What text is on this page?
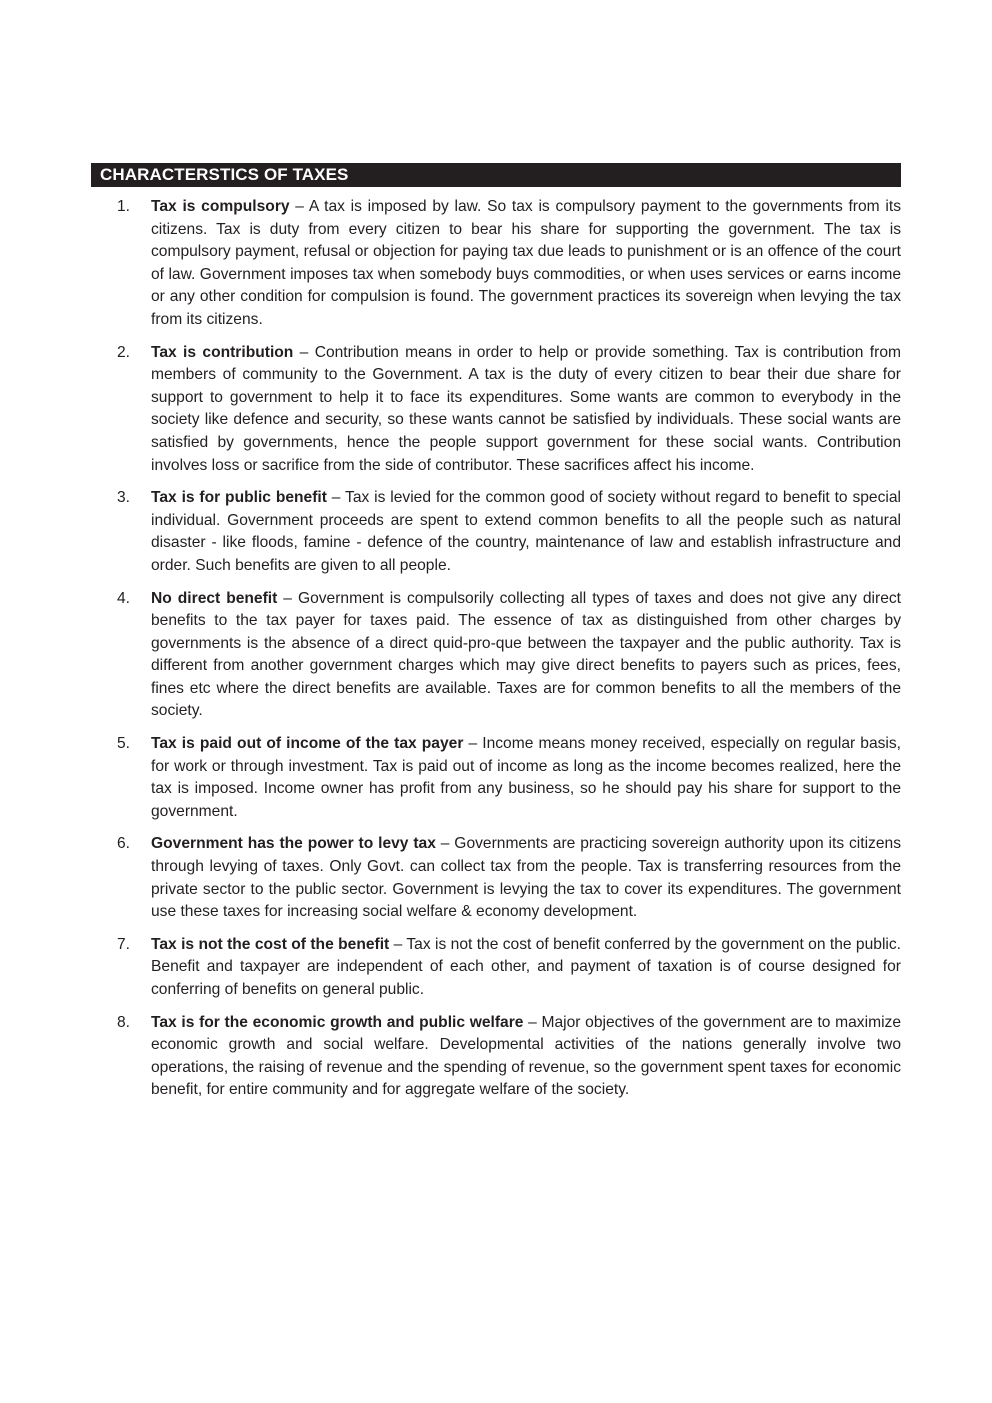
CHARACTERSTICS OF TAXES
1. Tax is compulsory – A tax is imposed by law. So tax is compulsory payment to the governments from its citizens. Tax is duty from every citizen to bear his share for supporting the government. The tax is compulsory payment, refusal or objection for paying tax due leads to punishment or is an offence of the court of law. Government imposes tax when somebody buys commodities, or when uses services or earns income or any other condition for compulsion is found. The government practices its sovereign when levying the tax from its citizens.
2. Tax is contribution – Contribution means in order to help or provide something. Tax is contribution from members of community to the Government. A tax is the duty of every citizen to bear their due share for support to government to help it to face its expenditures. Some wants are common to everybody in the society like defence and security, so these wants cannot be satisfied by individuals. These social wants are satisfied by governments, hence the people support government for these social wants. Contribution involves loss or sacrifice from the side of contributor. These sacrifices affect his income.
3. Tax is for public benefit – Tax is levied for the common good of society without regard to benefit to special individual. Government proceeds are spent to extend common benefits to all the people such as natural disaster - like floods, famine - defence of the country, maintenance of law and establish infrastructure and order. Such benefits are given to all people.
4. No direct benefit – Government is compulsorily collecting all types of taxes and does not give any direct benefits to the tax payer for taxes paid. The essence of tax as distinguished from other charges by governments is the absence of a direct quid-pro-que between the taxpayer and the public authority. Tax is different from another government charges which may give direct benefits to payers such as prices, fees, fines etc where the direct benefits are available. Taxes are for common benefits to all the members of the society.
5. Tax is paid out of income of the tax payer – Income means money received, especially on regular basis, for work or through investment. Tax is paid out of income as long as the income becomes realized, here the tax is imposed. Income owner has profit from any business, so he should pay his share for support to the government.
6. Government has the power to levy tax – Governments are practicing sovereign authority upon its citizens through levying of taxes. Only Govt. can collect tax from the people. Tax is transferring resources from the private sector to the public sector. Government is levying the tax to cover its expenditures. The government use these taxes for increasing social welfare & economy development.
7. Tax is not the cost of the benefit – Tax is not the cost of benefit conferred by the government on the public. Benefit and taxpayer are independent of each other, and payment of taxation is of course designed for conferring of benefits on general public.
8. Tax is for the economic growth and public welfare – Major objectives of the government are to maximize economic growth and social welfare. Developmental activities of the nations generally involve two operations, the raising of revenue and the spending of revenue, so the government spent taxes for economic benefit, for entire community and for aggregate welfare of the society.
